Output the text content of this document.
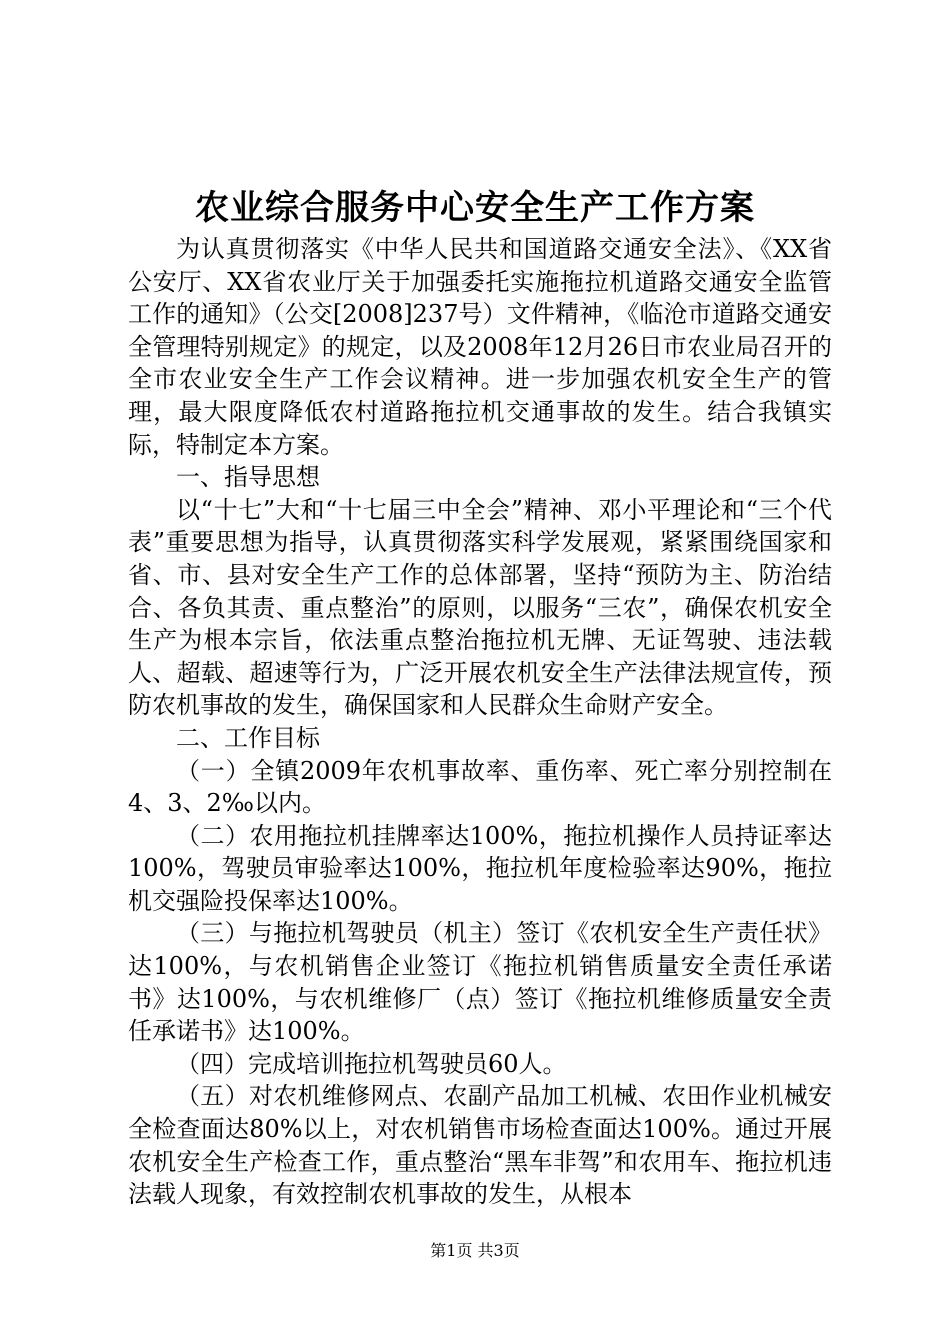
农业综合服务中心安全生产工作方案

为认真贯彻落实《中华人民共和国道路交通安全法》、《XX省公安厅、XX省农业厅关于加强委托实施拖拉机道路交通安全监管工作的通知》（公交[2008]237号）文件精神，《临沧市道路交通安全管理特别规定》的规定，以及2008年12月26日市农业局召开的全市农业安全生产工作会议精神。进一步加强农机安全生产的管理，最大限度降低农村道路拖拉机交通事故的发生。结合我镇实际，特制定本方案。

一、指导思想

以“十七”大和“十七届三中全会”精神、邓小平理论和“三个代表”重要思想为指导，认真贯彻落实科学发展观，紧紧围绕国家和省、市、县对安全生产工作的总体部署，坚持“预防为主、防治结合、各负其责、重点整治”的原则，以服务“三农”，确保农机安全生产为根本宗旨，依法重点整治拖拉机无牌、无证驾驶、违法载人、超载、超速等行为，广泛开展农机安全生产法律法规宣传，预防农机事故的发生，确保国家和人民群众生命财产安全。

二、工作目标

（一）全镇2009年农机事故率、重伤率、死亡率分别控制在4、3、2‰以内。

（二）农用拖拉机挂牌率达100%，拖拉机操作人员持证率达100%，驾驶员审验率达100%，拖拉机年度检验率达90%，拖拉机交强险投保率达100%。

（三）与拖拉机驾驶员（机主）签订《农机安全生产责任状》达100%，与农机销售企业签订《拖拉机销售质量安全责任承诺书》达100%，与农机维修厂（点）签订《拖拉机维修质量安全责任承诺书》达100%。

（四）完成培训拖拉机驾驶员60人。

（五）对农机维修网点、农副产品加工机械、农田作业机械安全检查面达80%以上，对农机销售市场检查面达100%。通过开展农机安全生产检查工作，重点整治“黑车非驾”和农用车、拖拉机违法载人现象，有效控制农机事故的发生，从根本

第1页 共3页
